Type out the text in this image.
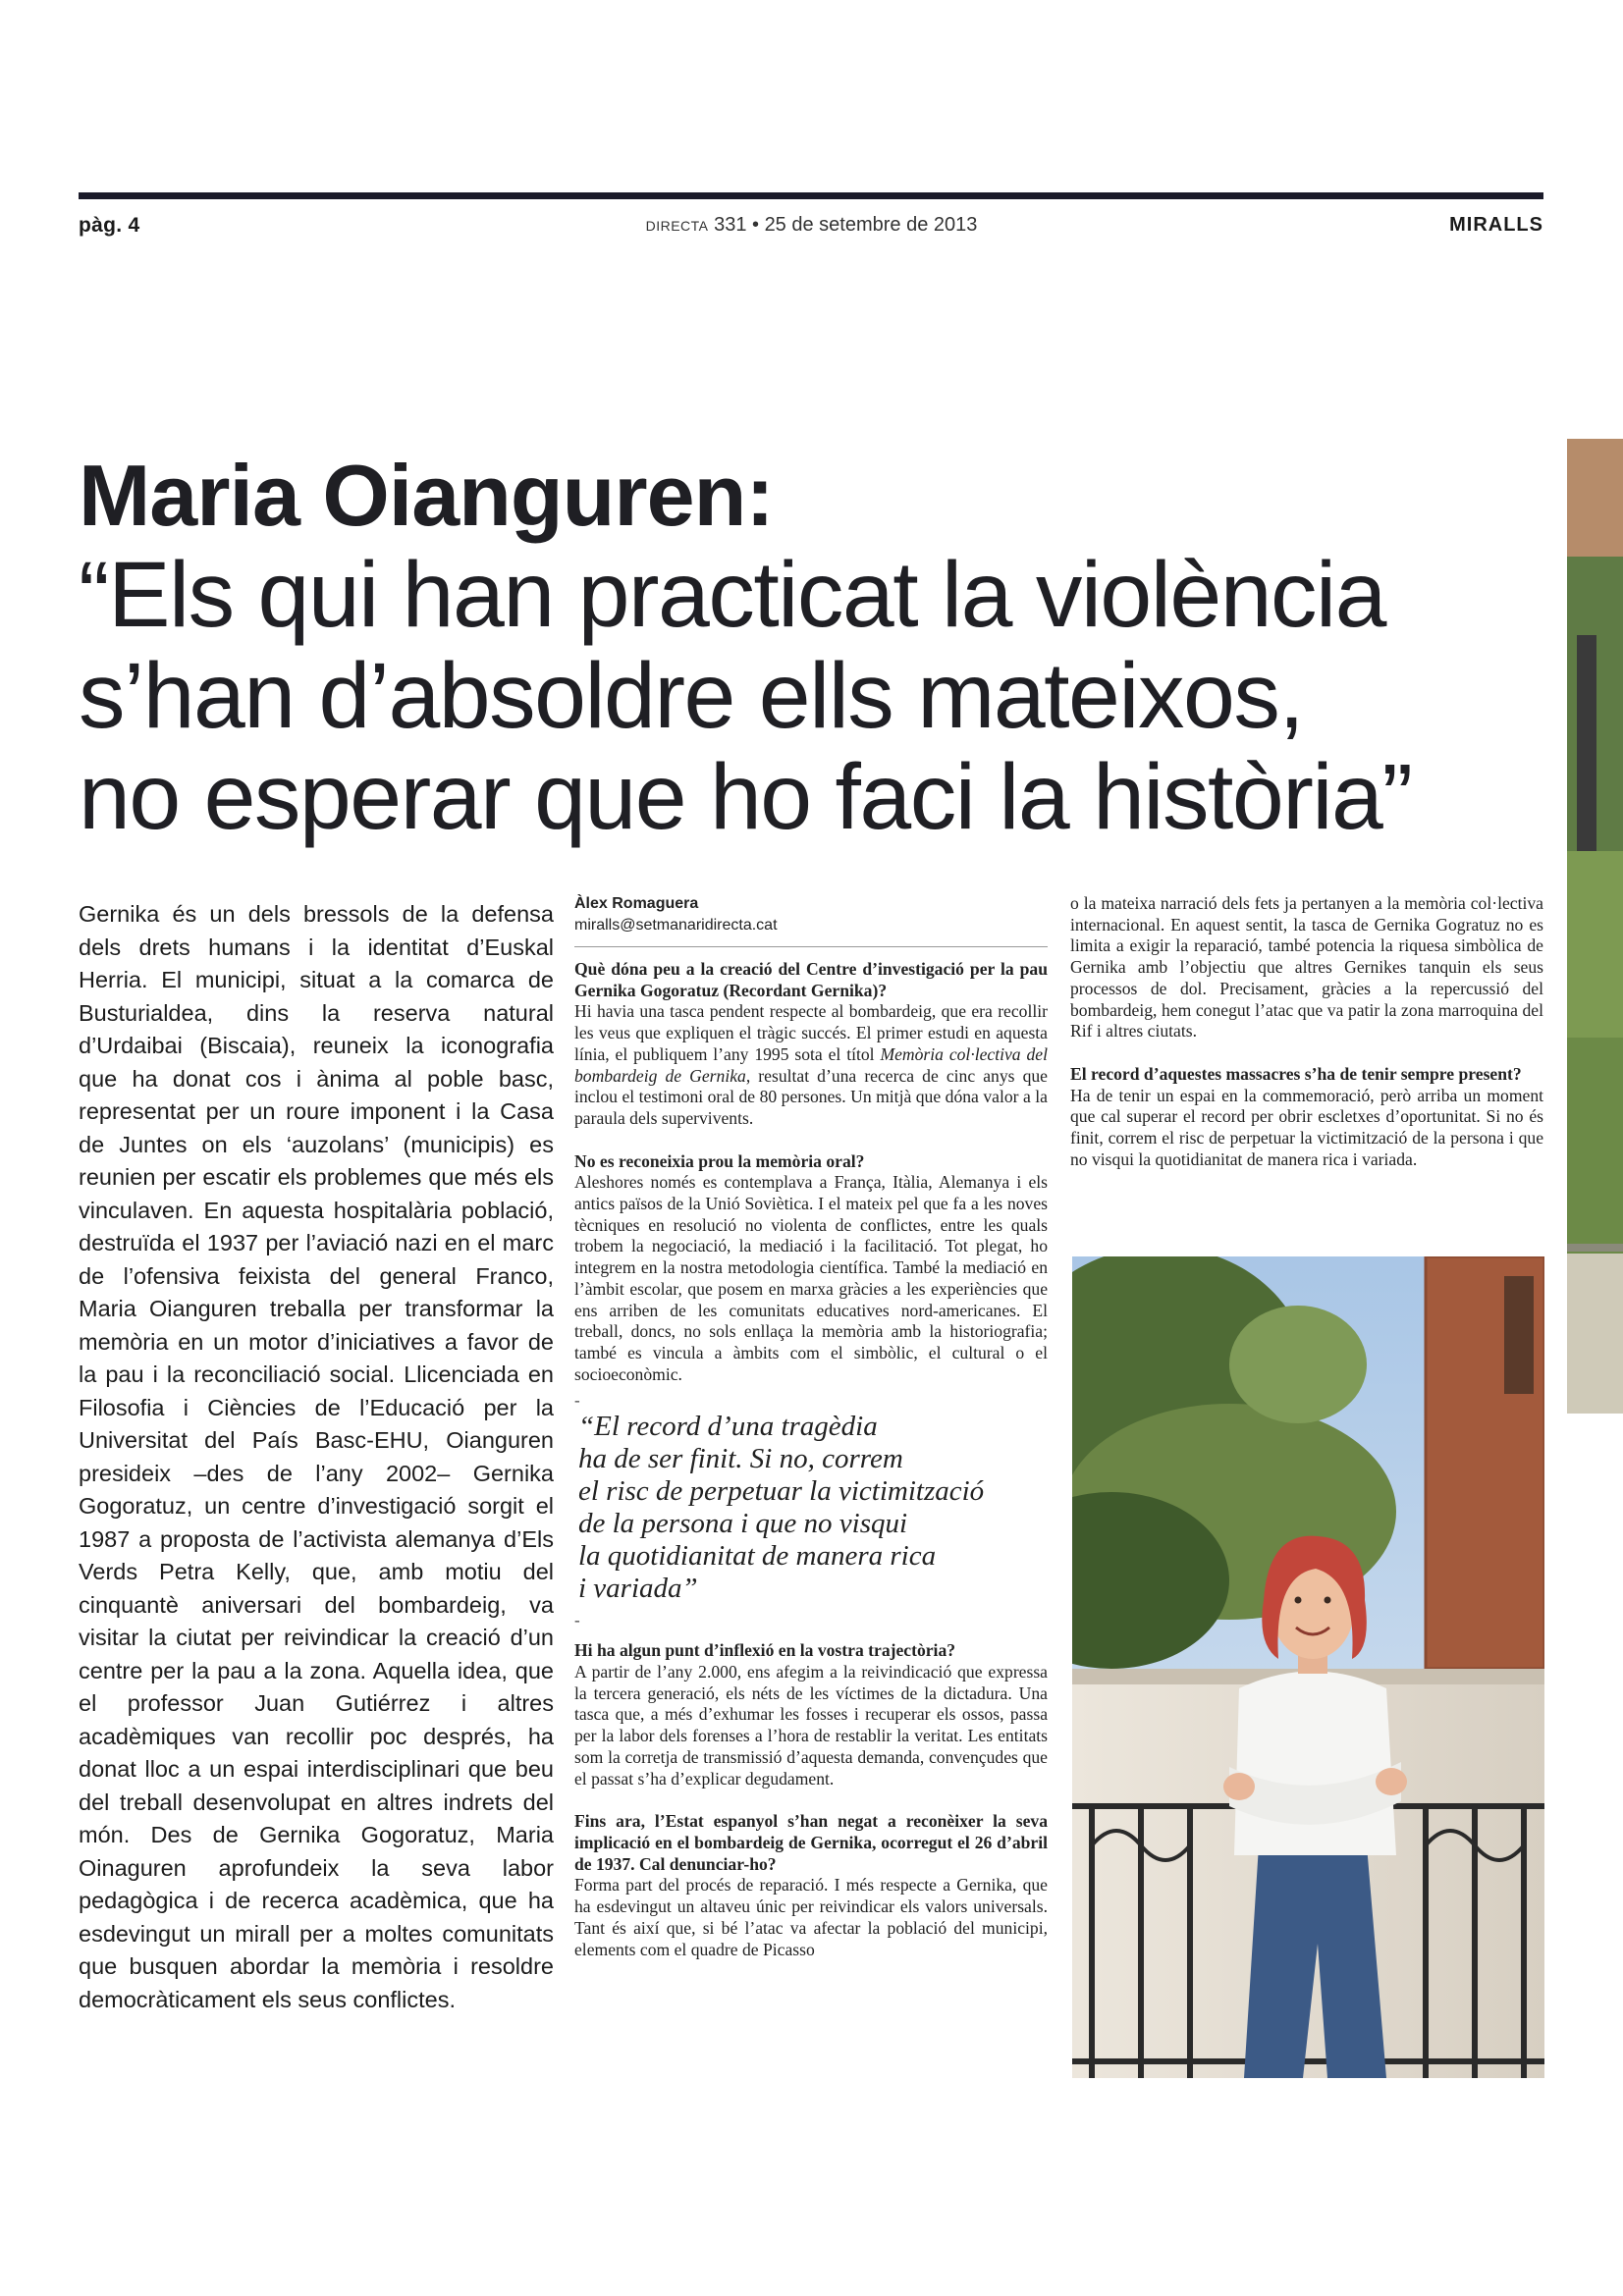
pàg. 4	DIRECTA 331 • 25 de setembre de 2013	MIRALLS
Maria Oianguren:
“Els qui han practicat la violència
s’han d’absoldre ells mateixos,
no esperar que ho faci la història”
Gernika és un dels bressols de la defensa dels drets humans i la identitat d’Euskal Herria. El municipi, situat a la comarca de Busturialdea, dins la reserva natural d’Urdaibai (Biscaia), reuneix la iconografia que ha donat cos i ànima al poble basc, representat per un roure imponent i la Casa de Juntes on els ‘auzolans’ (municipis) es reunien per escatir els problemes que més els vinculaven. En aquesta hospitalària població, destruïda el 1937 per l’aviació nazi en el marc de l’ofensiva feixista del general Franco, Maria Oianguren treballa per transformar la memòria en un motor d’iniciatives a favor de la pau i la reconciliació social. Llicenciada en Filosofia i Ciències de l’Educació per la Universitat del País Basc-EHU, Oianguren presideix –des de l’any 2002– Gernika Gogoratuz, un centre d’investigació sorgit el 1987 a proposta de l’activista alemanya d’Els Verds Petra Kelly, que, amb motiu del cinquantè aniversari del bombardeig, va visitar la ciutat per reivindicar la creació d’un centre per la pau a la zona. Aquella idea, que el professor Juan Gutiérrez i altres acadèmiques van recollir poc després, ha donat lloc a un espai interdisciplinari que beu del treball desenvolupat en altres indrets del món. Des de Gernika Gogoratuz, Maria Oinaguren aprofundeix la seva labor pedagògica i de recerca acadèmica, que ha esdevingut un mirall per a moltes comunitats que busquen abordar la memòria i resoldre democràticament els seus conflictes.
Àlex Romaguera
miralls@setmanaridirecta.cat

Què dóna peu a la creació del Centre d’investigació per la pau Gernika Gogoratuz (Recordant Gernika)?

Hi havia una tasca pendent respecte al bombardeig, que era recollir les veus que expliquen el tràgic succés. El primer estudi en aquesta línia, el publiquem l’any 1995 sota el títol Memòria col·lectiva del bombardeig de Gernika, resultat d’una recerca de cinc anys que inclou el testimoni oral de 80 persones. Un mitjà que dóna valor a la paraula dels supervivents.

No es reconeixia prou la memòria oral?

Aleshores només es contemplava a França, Itàlia, Alemanya i els antics països de la Unió Soviètica. I el mateix pel que fa a les noves tècniques en resolució no violenta de conflictes, entre les quals trobem la negociació, la mediació i la facilitació. Tot plegat, ho integrem en la nostra metodologia científica. També la mediació en l’àmbit escolar, que posem en marxa gràcies a les experiències que ens arriben de les comunitats educatives nord-americanes. El treball, doncs, no sols enllaça la memòria amb la historiografia; també es vincula a àmbits com el simbòlic, el cultural o el socioeconòmic.

-
“El record d’una tragèdia
ha de ser finit. Si no, correm
el risc de perpetuar la victimització
de la persona i que no visqui
la quotidianitat de manera rica
i variada”
-

Hi ha algun punt d’inflexió en la vostra trajectòria?

A partir de l’any 2.000, ens afegim a la reivindicació que expressa la tercera generació, els néts de les víctimes de la dictadura. Una tasca que, a més d’exhumar les fosses i recuperar els ossos, passa per la labor dels forenses a l’hora de restablir la veritat. Les entitats som la corretja de transmissió d’aquesta demanda, convençudes que el passat s’ha d’explicar degudament.

Fins ara, l’Estat espanyol s’han negat a reconèixer la seva implicació en el bombardeig de Gernika, ocorregut el 26 d’abril de 1937. Cal denunciar-ho?

Forma part del procés de reparació. I més respecte a Gernika, que ha esdevingut un altaveu únic per reivindicar els valors universals. Tant és així que, si bé l’atac va afectar la població del municipi, elements com el quadre de Picasso

o la mateixa narració dels fets ja pertanyen a la memòria col·lectiva internacional. En aquest sentit, la tasca de Gernika Gogratuz no es limita a exigir la reparació, també potencia la riquesa simbòlica de Gernika amb l’objectiu que altres Gernikes tanquin els seus processos de dol. Precisament, gràcies a la repercussió del bombardeig, hem conegut l’atac que va patir la zona marroquina del Rif i altres ciutats.

El record d’aquestes massacres s’ha de tenir sempre present?

Ha de tenir un espai en la commemoració, però arriba un moment que cal superar el record per obrir escletxes d’oportunitat. Si no és finit, correm el risc de perpetuar la victimització de la persona i que no visqui la quotidianitat de manera rica i variada.
